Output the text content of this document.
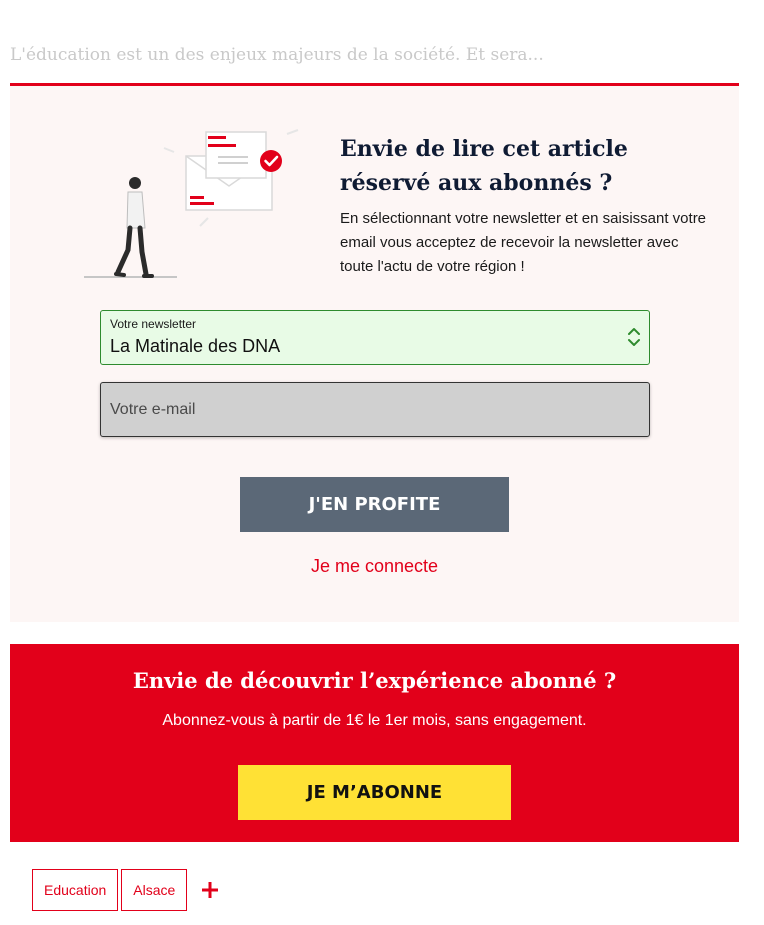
L'éducation est un des enjeux majeurs de la société. Et sera...
Envie de lire cet article réservé aux abonnés ?

En sélectionnant votre newsletter et en saisissant votre email vous acceptez de recevoir la newsletter avec toute l'actu de votre région !

Votre newsletter
La Matinale des DNA
Votre e-mail
J'EN PROFITE
Je me connecte
Envie de découvrir l’expérience abonné ?

Abonnez-vous à partir de 1€ le 1er mois, sans engagement.

JE M’ABONNE
Education	Alsace
